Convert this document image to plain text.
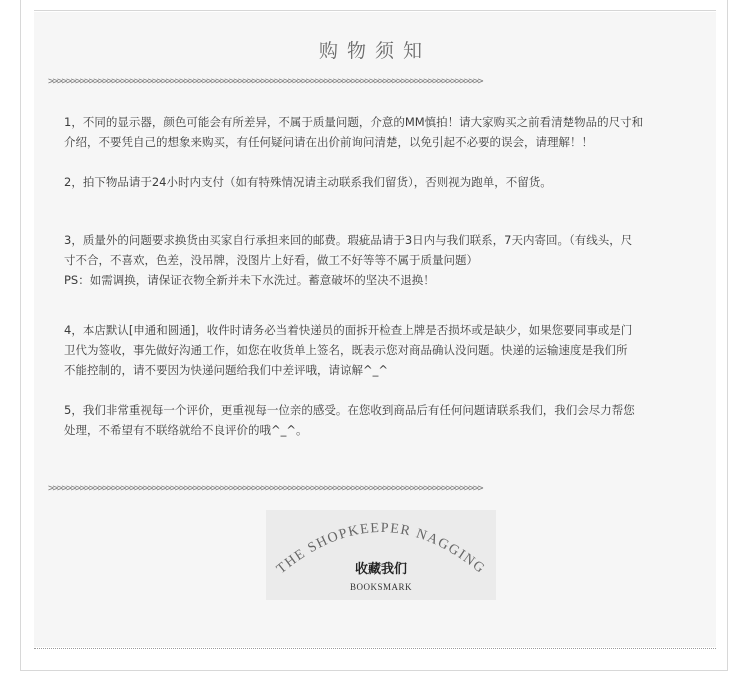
购物须知
>>>>>>>>>>>>>>>>>>>>>>>>>>>>>>>>>>>>>>>>>>>>>>>>>>>>>>>>>>>>>>>>>>>>>>>>>>>>>>>>>>>>>>>>>>>>>>>>

1，不同的显示器，颜色可能会有所差异，不属于质量问题，介意的MM慎拍！请大家购买之前看清楚物品的尺寸和
介绍，不要凭自己的想象来购买，有任何疑问请在出价前询问清楚，以免引起不必要的误会，请理解！！

2，拍下物品请于24小时内支付（如有特殊情况请主动联系我们留货），否则视为跑单，不留货。

3，质量外的问题要求换货由买家自行承担来回的邮费。瑕疵品请于3日内与我们联系，7天内寄回。（有线头，尺
寸不合，不喜欢，色差，没吊牌，没图片上好看，做工不好等等不属于质量问题）
PS：如需调换，请保证衣物全新并未下水洗过。蓄意破坏的坚决不退换！

4，本店默认[申通和圆通]，收件时请务必当着快递员的面拆开检查上牌是否损坏或是缺少，如果您要同事或是门
卫代为签收，事先做好沟通工作，如您在收货单上签名，既表示您对商品确认没问题。快递的运输速度是我们所
不能控制的，请不要因为快递问题给我们中差评哦，请谅解^_^

5，我们非常重视每一个评价，更重视每一位亲的感受。在您收到商品后有任何问题请联系我们，我们会尽力帮您
处理，不希望有不联络就给不良评价的哦^_^。

>>>>>>>>>>>>>>>>>>>>>>>>>>>>>>>>>>>>>>>>>>>>>>>>>>>>>>>>>>>>>>>>>>>>>>>>>>>>>>>>>>>>>>>>>>>>>>>>
THE SHOPKEEPER NAGGING
收藏我们
BOOKSMARK
